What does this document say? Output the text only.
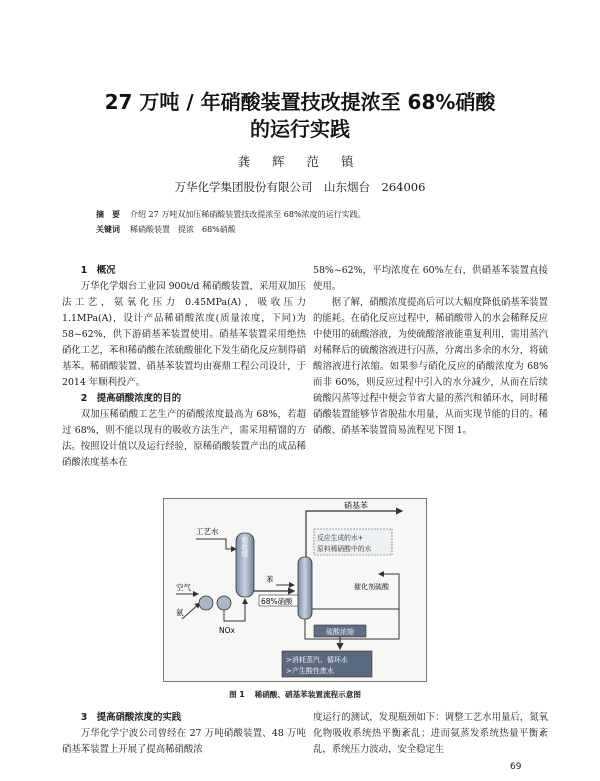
27 万吨 / 年硝酸装置技改提浓至 68%硝酸
的运行实践
龚 辉 范 镇
万华化学集团股份有限公司　山东烟台　264006
摘　要 介绍 27 万吨双加压稀硝酸装置技改提浓至 68%浓度的运行实践。
关键词 稀硝酸装置 提浓 68%硝酸
1　概况

万华化学烟台工业园 900t/d 稀硝酸装置，采用双加压法工艺，氨氧化压力 0.45MPa(A)，吸收压力 1.1MPa(A)，设计产品稀硝酸浓度(质量浓度，下同)为 58~62%，供下游硝基苯装置使用。硝基苯装置采用绝热硝化工艺，苯和稀硝酸在浓硫酸催化下发生硝化反应制得硝基苯。稀硝酸装置、硝基苯装置均由赛鼎工程公司设计，于 2014 年顺利投产。

2　提高硝酸浓度的目的

双加压稀硝酸工艺生产的硝酸浓度最高为 68%，若超过 68%，则不能以现有的吸收方法生产，需采用精馏的方法。按照设计值以及运行经验，原稀硝酸装置产出的成品稀硝酸浓度基本在

58%~62%，平均浓度在 60%左右，供硝基苯装置直接使用。

据了解，硝酸浓度提高后可以大幅度降低硝基苯装置的能耗。在硝化反应过程中，稀硝酸带入的水会稀释反应中使用的硫酸溶液，为使硫酸溶液能重复利用，需用蒸汽对稀释后的硫酸溶液进行闪蒸，分离出多余的水分，将硫酸溶液进行浓缩。如果参与硝化反应的硝酸浓度为 68%而非 60%，则反应过程中引入的水分减少，从而在后续硫酸闪蒸等过程中便会节省大量的蒸汽和循环水，同时稀硝酸装置能够节省脱盐水用量，从而实现节能的目的。稀硝酸、硝基苯装置简易流程见下图 1。

硝基苯
工艺水
吸收塔
空气
氨
NOx
68%硝酸
苯
反应生成的水+
原料稀硝酸中的水
催化剂硫酸
硫酸浓缩
>消耗蒸汽、循环水
>产生酸性废水
图 1 稀硝酸、硝基苯装置流程示意图
3　提高硝酸浓度的实践

万华化学宁波公司曾经在 27 万吨硝酸装置、48 万吨硝基苯装置上开展了提高稀硝酸浓

度运行的测试，发现瓶颈如下：调整工艺水用量后，氮氧化物吸收系统热平衡紊乱；进而氨蒸发系统热量平衡紊乱，系统压力波动，安全稳定生

69
